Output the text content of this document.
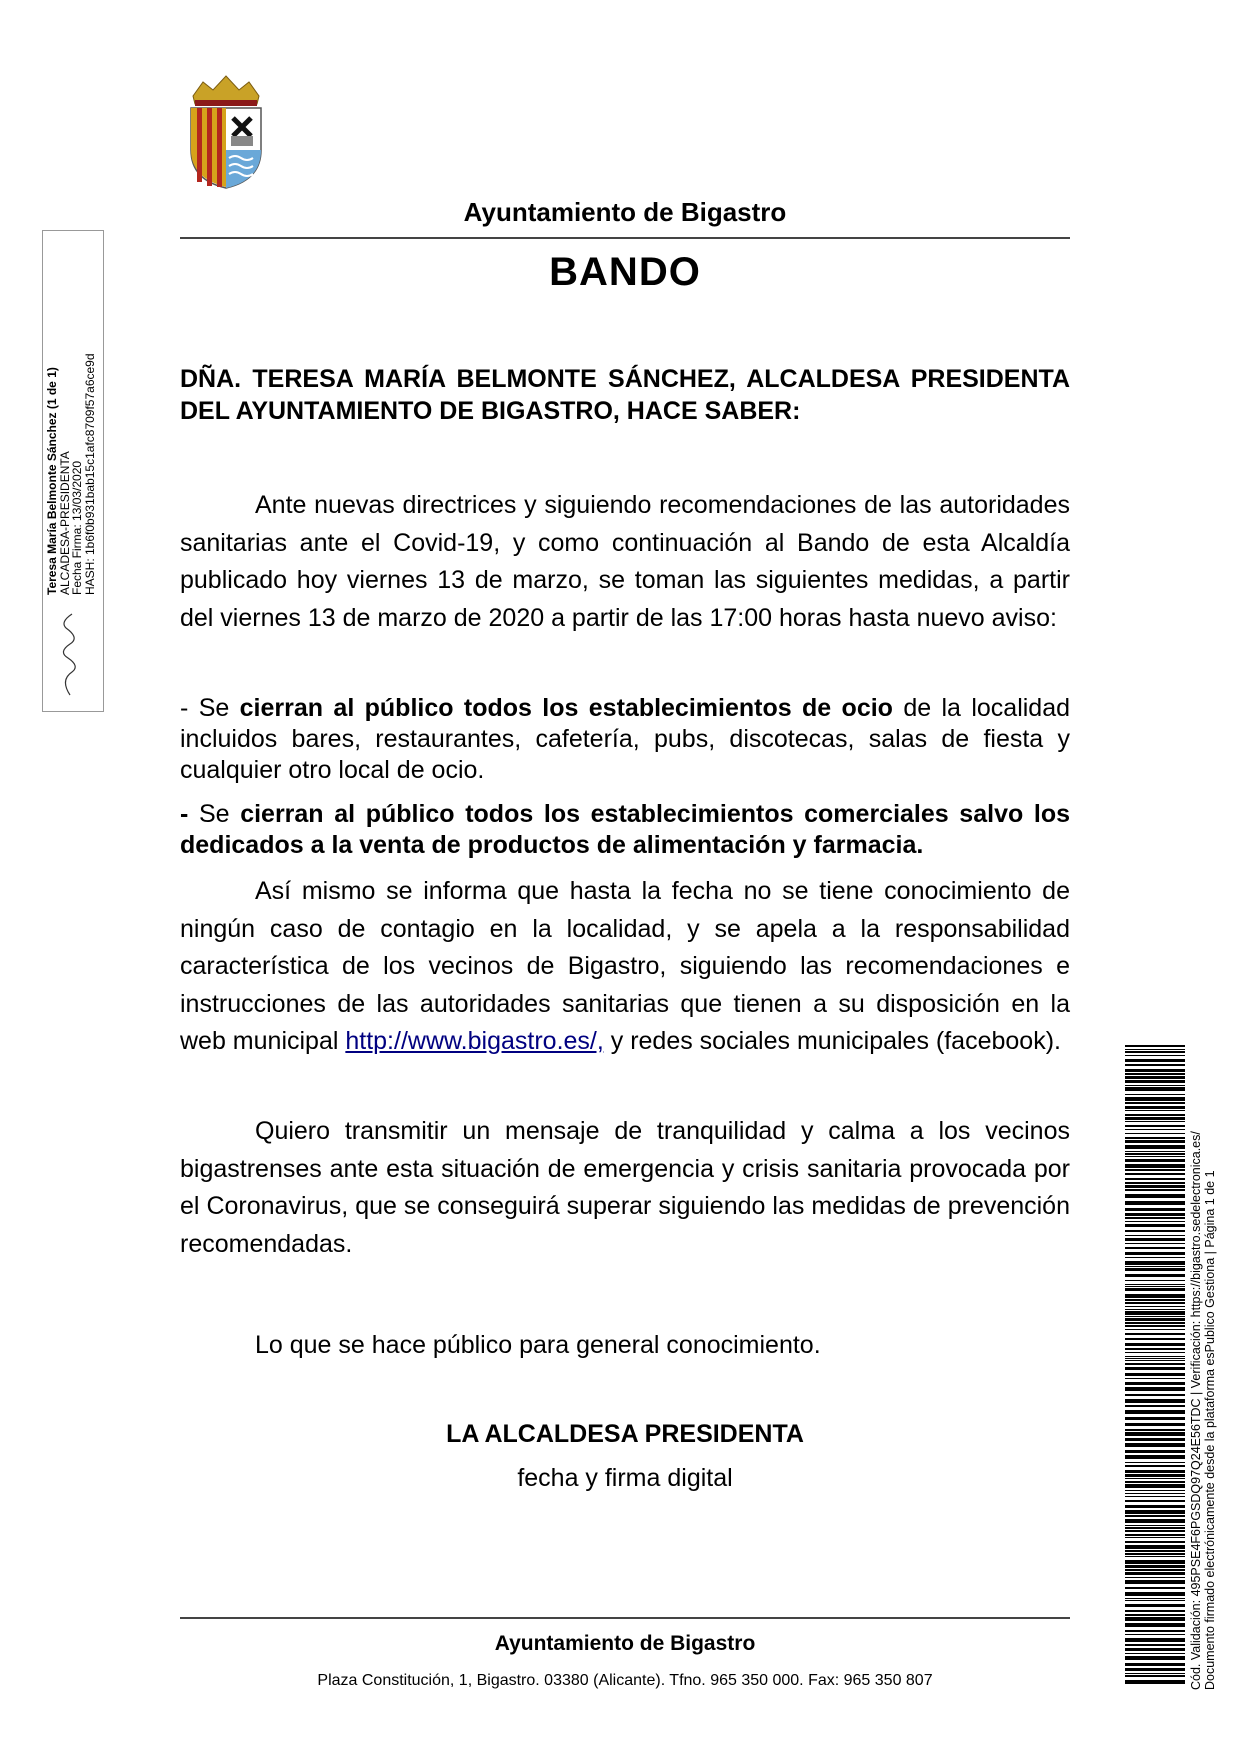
Ayuntamiento de Bigastro
BANDO
DÑA. TERESA MARÍA BELMONTE SÁNCHEZ, ALCALDESA PRESIDENTA DEL AYUNTAMIENTO DE BIGASTRO, HACE SABER:
Ante nuevas directrices y siguiendo recomendaciones de las autoridades sanitarias ante el Covid-19, y como continuación al Bando de esta Alcaldía publicado hoy viernes 13 de marzo, se toman las siguientes medidas, a partir del viernes 13 de marzo de 2020 a partir de las 17:00 horas hasta nuevo aviso:
- Se cierran al público todos los establecimientos de ocio de la localidad incluidos bares, restaurantes, cafetería, pubs, discotecas, salas de fiesta y cualquier otro local de ocio.
- Se cierran al público todos los establecimientos comerciales salvo los dedicados a la venta de productos de alimentación y farmacia.
Así mismo se informa que hasta la fecha no se tiene conocimiento de ningún caso de contagio en la localidad, y se apela a la responsabilidad característica de los vecinos de Bigastro, siguiendo las recomendaciones e instrucciones de las autoridades sanitarias que tienen a su disposición en la web municipal http://www.bigastro.es/, y redes sociales municipales (facebook).
Quiero transmitir un mensaje de tranquilidad y calma a los vecinos bigastrenses ante esta situación de emergencia y crisis sanitaria provocada por el Coronavirus, que se conseguirá superar siguiendo las medidas de prevención recomendadas.
Lo que se hace público para general conocimiento.
LA ALCALDESA PRESIDENTA
fecha y firma digital
Ayuntamiento de Bigastro
Plaza Constitución, 1, Bigastro. 03380 (Alicante). Tfno. 965 350 000. Fax: 965 350 807
Teresa María Belmonte Sánchez (1 de 1)
ALCADESA-PRESIDENTA
Fecha Firma: 13/03/2020
HASH: 1b6f0b931bab15c1afc8709f57a6ce9d
Cód. Validación: 495PSE4F6PGSDQ97Q24E56TDC | Verificación: https://bigastro.sedelectronica.es/ Documento firmado electrónicamente desde la plataforma esPublico Gestiona | Página 1 de 1
